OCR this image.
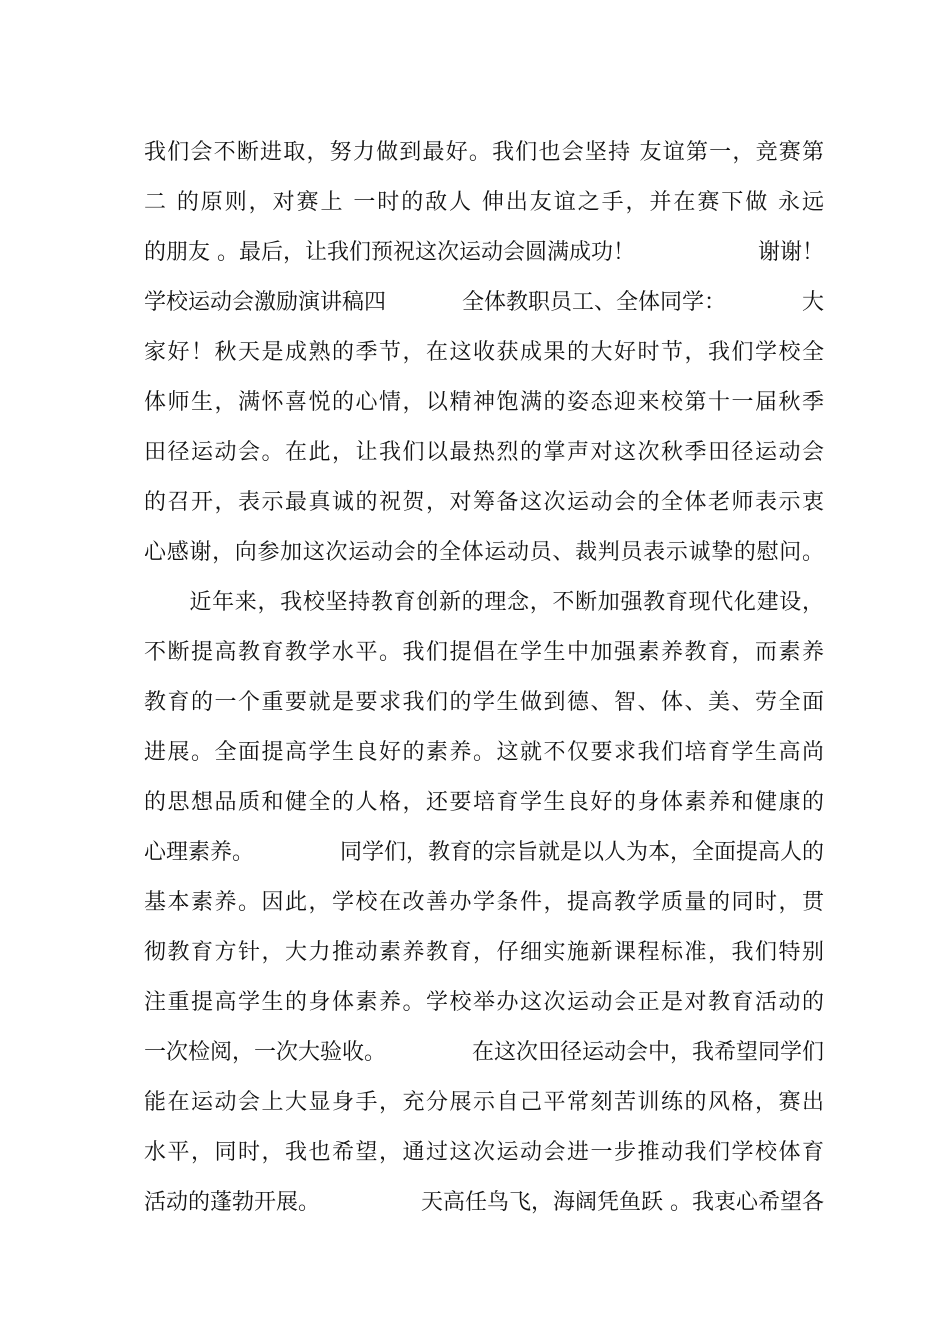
我们会不断进取，努力做到最好。我们也会坚持 友谊第一，竞赛第
二 的原则，对赛上 一时的敌人 伸出友谊之手，并在赛下做 永远
的朋友 。最后，让我们预祝这次运动会圆满成功！	谢谢！
学校运动会激励演讲稿四	全体教职员工、全体同学：	大
家好！秋天是成熟的季节，在这收获成果的大好时节，我们学校全
体师生，满怀喜悦的心情，以精神饱满的姿态迎来校第十一届秋季
田径运动会。在此，让我们以最热烈的掌声对这次秋季田径运动会
的召开，表示最真诚的祝贺，对筹备这次运动会的全体老师表示衷
心感谢，向参加这次运动会的全体运动员、裁判员表示诚挚的慰问。
　　近年来，我校坚持教育创新的理念，不断加强教育现代化建设，
不断提高教育教学水平。我们提倡在学生中加强素养教育，而素养
教育的一个重要就是要求我们的学生做到德、智、体、美、劳全面
进展。全面提高学生良好的素养。这就不仅要求我们培育学生高尚
的思想品质和健全的人格，还要培育学生良好的身体素养和健康的
心理素养。	同学们，教育的宗旨就是以人为本，全面提高人的
基本素养。因此，学校在改善办学条件，提高教学质量的同时，贯
彻教育方针，大力推动素养教育，仔细实施新课程标准，我们特别
注重提高学生的身体素养。学校举办这次运动会正是对教育活动的
一次检阅，一次大验收。	在这次田径运动会中，我希望同学们
能在运动会上大显身手，充分展示自己平常刻苦训练的风格，赛出
水平，同时，我也希望，通过这次运动会进一步推动我们学校体育
活动的蓬勃开展。	天高任鸟飞，海阔凭鱼跃 。我衷心希望各
